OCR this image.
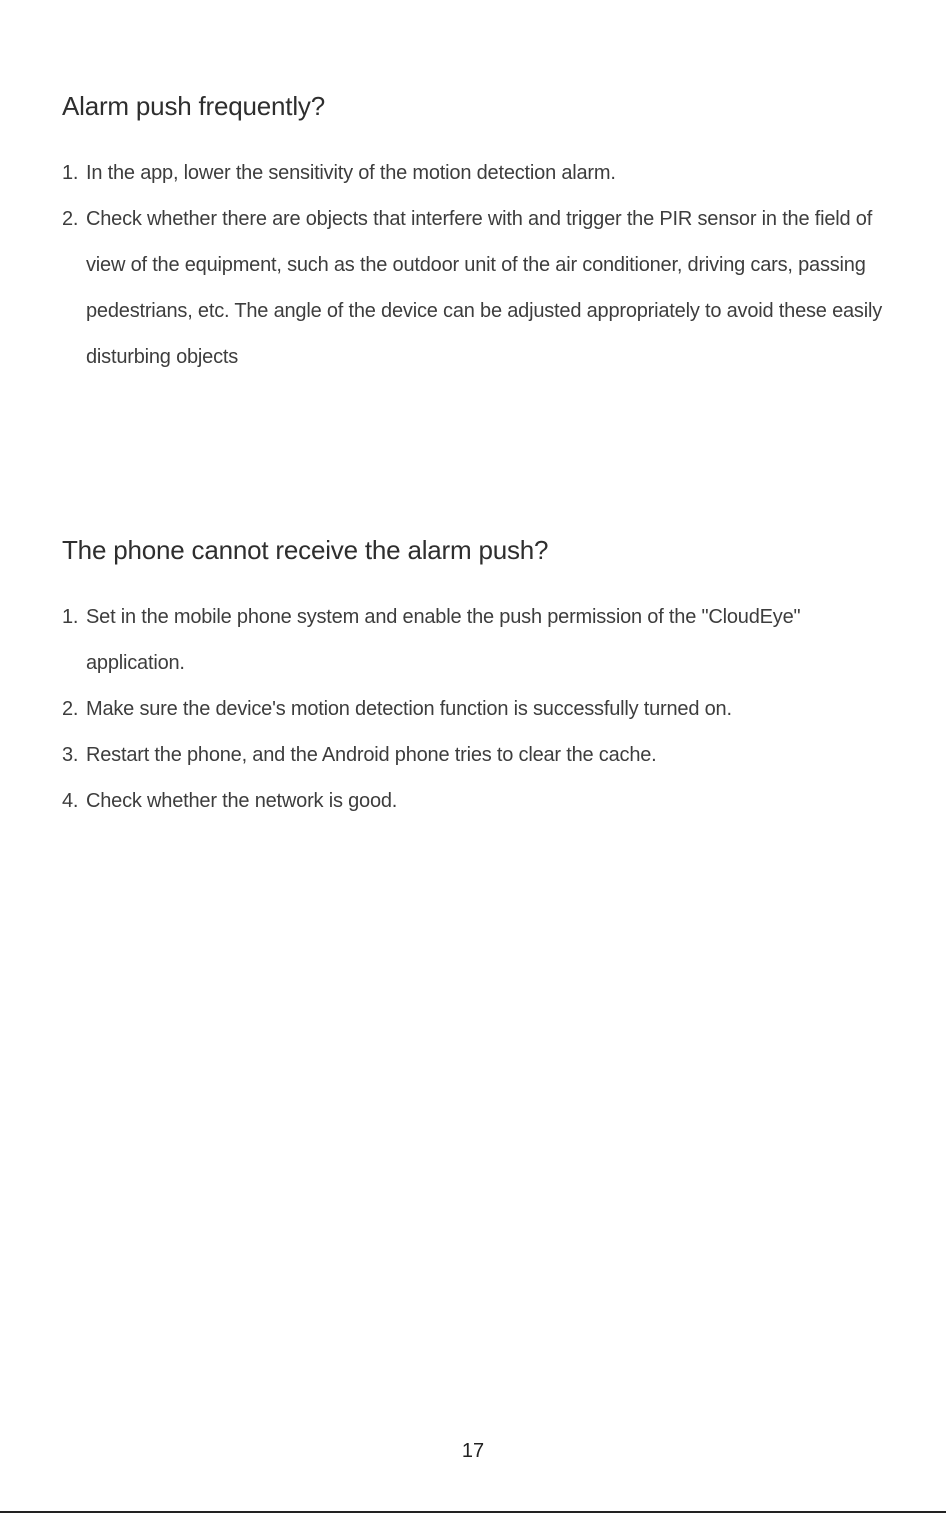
Alarm push frequently?
1. In the app, lower the sensitivity of the motion detection alarm.
2. Check whether there are objects that interfere with and trigger the PIR sensor in the field of view of the equipment, such as the outdoor unit of the air conditioner, driving cars, passing pedestrians, etc. The angle of the device can be adjusted appropriately to avoid these easily disturbing objects
The phone cannot receive the alarm push?
1. Set in the mobile phone system and enable the push permission of the "CloudEye" application.
2. Make sure the device's motion detection function is successfully turned on.
3. Restart the phone, and the Android phone tries to clear the cache.
4. Check whether the network is good.
17
